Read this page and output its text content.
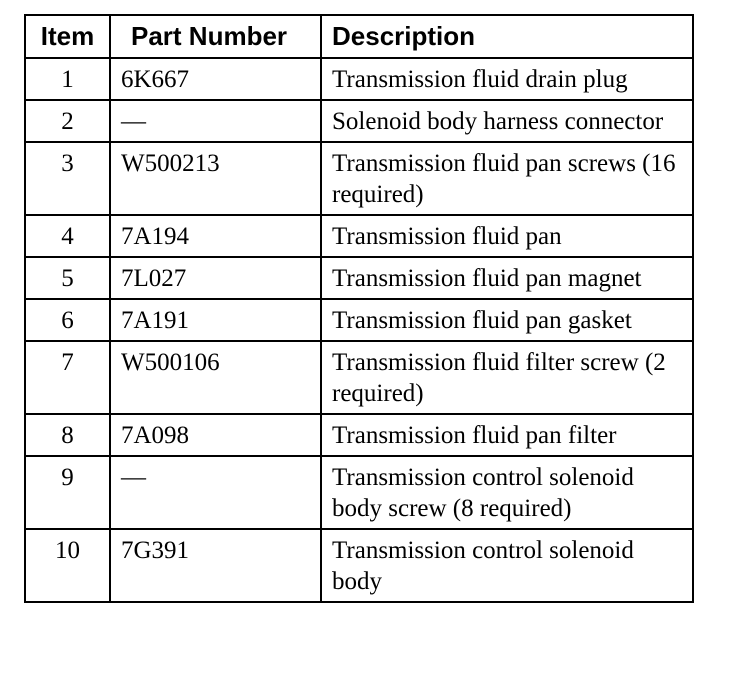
Item	Part Number	Description
1	6K667	Transmission fluid drain plug
2	—	Solenoid body harness connector
3	W500213	Transmission fluid pan screws (16 required)
4	7A194	Transmission fluid pan
5	7L027	Transmission fluid pan magnet
6	7A191	Transmission fluid pan gasket
7	W500106	Transmission fluid filter screw (2 required)
8	7A098	Transmission fluid pan filter
9	—	Transmission control solenoid body screw (8 required)
10	7G391	Transmission control solenoid body
